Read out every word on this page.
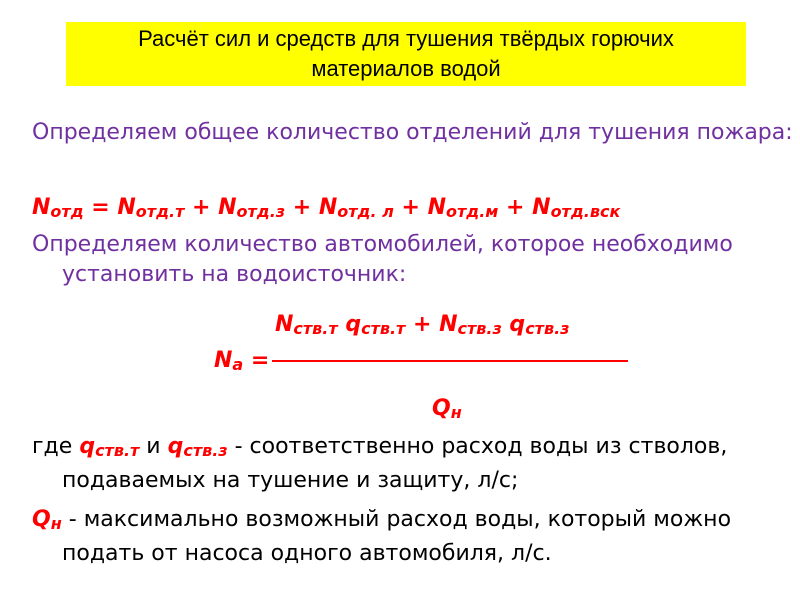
Расчёт сил и средств для тушения твёрдых горючих
материалов водой
Определяем общее количество отделений для тушения пожара:
Nотд = Nотд.т + Nотд.з + Nотд. л + Nотд.м + Nотд.вск
Определяем количество автомобилей, которое необходимо установить на водоисточник:
Nств.т qств.т + Nств.з qств.з
Nа =
Qн
где qств.т и qств.з - соответственно расход воды из стволов, подаваемых на тушение и защиту, л/с;
Qн - максимально возможный расход воды, который можно подать от насоса одного автомобиля, л/с.
